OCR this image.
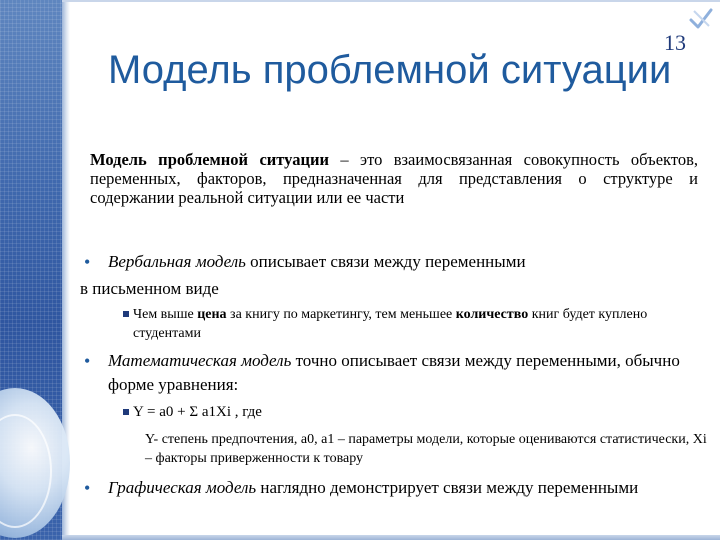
13
Модель проблемной ситуации

Модель проблемной ситуации – это взаимосвязанная совокупность объектов, переменных, факторов, предназначенная для представления о структуре и содержании реальной ситуации или ее части

• Вербальная модель описывает связи между переменными
в письменном виде
Чем выше цена за книгу по маркетингу, тем меньшее количество книг будет куплено студентами
• Математическая модель точно описывает связи между переменными, обычно форме уравнения:
Y = a0 + Σ a1Xi , где
Y- степень предпочтения, a0, a1 – параметры модели, которые оцениваются статистически, Xi – факторы приверженности к товару
• Графическая модель наглядно демонстрирует связи между переменными
